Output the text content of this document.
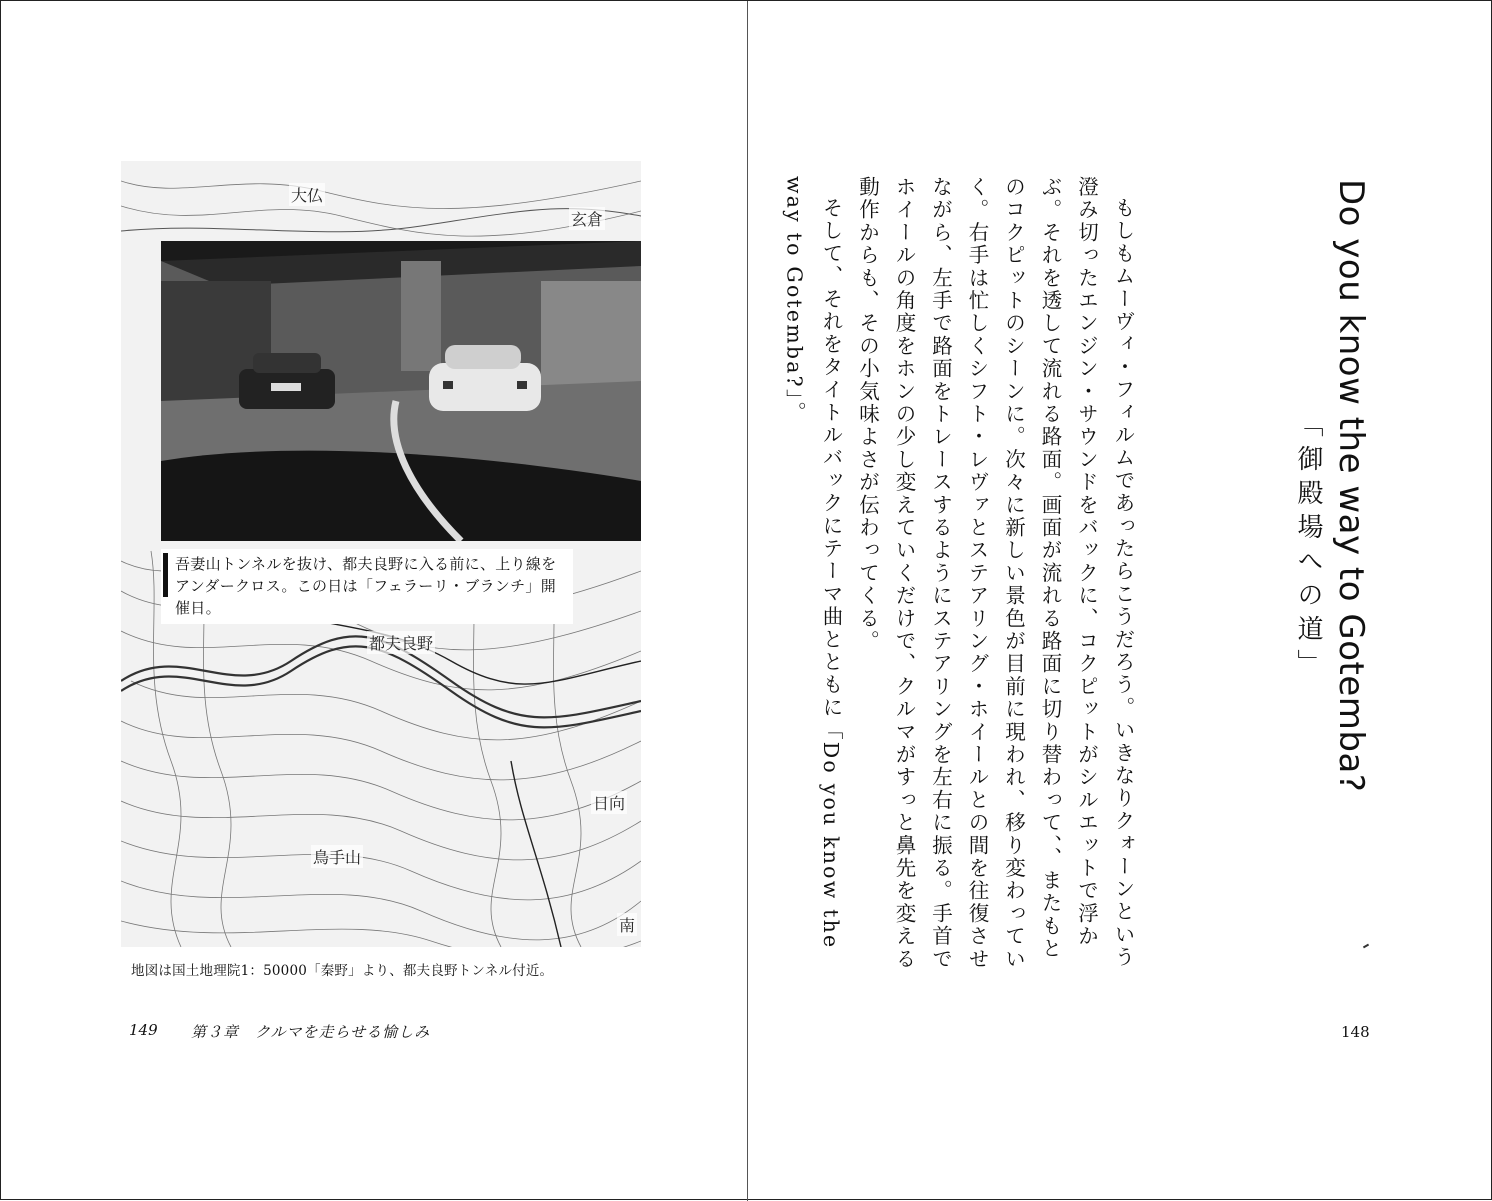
吾妻山トンネルを抜け、都夫良野に入る前に、上り線をアンダークロス。この日は「フェラーリ・ブランチ」開催日。
玄倉
大仏
都夫良野
日向
鳥手山
南
地図は国土地理院1：50000「秦野」より、都夫良野トンネル付近。
149 第３章　クルマを走らせる愉しみ
Do you know the way to Gotemba?
「御殿場への道」

もしもムーヴィ・フィルムであったらこうだろう。いきなりクォーンという澄み切ったエンジン・サウンドをバックに、コクピットがシルエットで浮かぶ。それを透して流れる路面。画面が流れる路面に切り替わって、、またもとのコクピットのシーンに。次々に新しい景色が目前に現われ、移り変わっていく。右手は忙しくシフト・レヴァとステアリング・ホイールとの間を往復させながら、左手で路面をトレースするようにステアリングを左右に振る。手首でホイールの角度をホンの少し変えていくだけで、クルマがすっと鼻先を変える動作からも、その小気味よさが伝わってくる。

そして、それをタイトルバックにテーマ曲とともに「Do you know the way to Gotemba?」。

148
